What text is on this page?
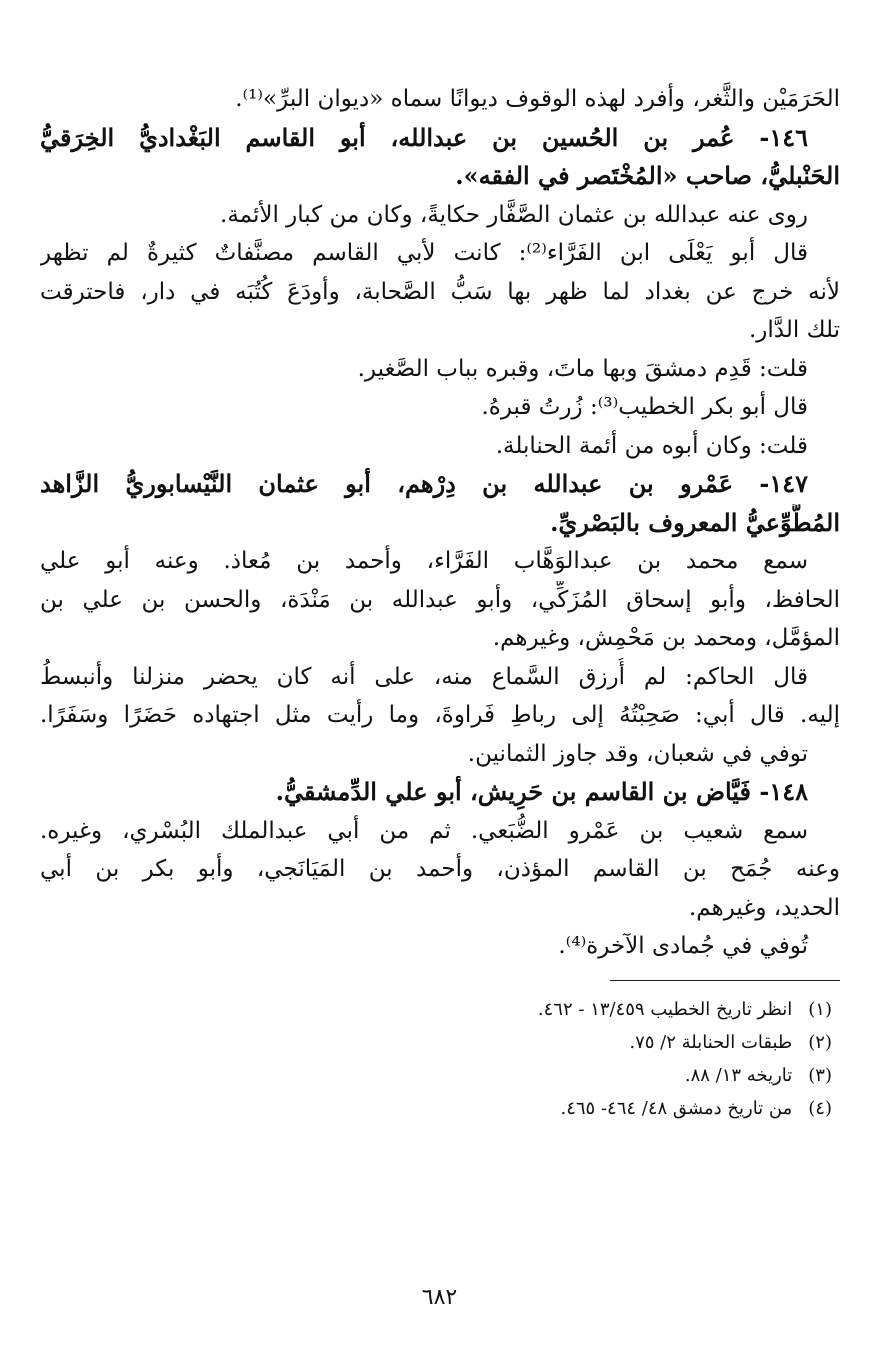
الحَرَمَيْن والثَّغر، وأفرد لهذه الوقوف ديوانًا سماه «ديوان البرِّ»⁽¹⁾.
١٤٦- عُمر بن الحُسين بن عبدالله، أبو القاسم البَغْداديُّ الخِرَقيُّ
الحَنْبليُّ، صاحب «المُخْتَصر في الفقه».
روى عنه عبدالله بن عثمان الصَّفَّار حكايةً، وكان من كبار الأئمة.
قال أبو يَعْلَى ابن الفَرَّاء⁽²⁾: كانت لأبي القاسم مصنَّفاتٌ كثيرةٌ لم تظهر
لأنه خرج عن بغداد لما ظهر بها سَبُّ الصَّحابة، وأودَعَ كُتُبَه في دار، فاحترقت
تلك الدَّار.
قلت: قَدِم دمشقَ وبها ماتَ، وقبره بباب الصَّغير.
قال أبو بكر الخطيب⁽³⁾: زُرتُ قبرهُ.
قلت: وكان أبوه من أئمة الحنابلة.
١٤٧- عَمْرو بن عبدالله بن دِرْهم، أبو عثمان النَّيْسابوريُّ الزَّاهد
المُطَّوِّعيُّ المعروف بالبَصْريِّ.
سمع محمد بن عبدالوَهَّاب الفَرَّاء، وأحمد بن مُعاذ. وعنه أبو علي
الحافظ، وأبو إسحاق المُزَكِّي، وأبو عبدالله بن مَنْدَة، والحسن بن علي بن
المؤمَّل، ومحمد بن مَحْمِش، وغيرهم.
قال الحاكم: لم أُرزق السَّماع منه، على أنه كان يحضر منزلنا وأنبسطُ
إليه. قال أبي: صَحِبْتُهُ إلى رباطِ فَراوةَ، وما رأيت مثل اجتهاده حَضَرًا وسَفَرًا.
توفي في شعبان، وقد جاوز الثمانين.
١٤٨- فَيَّاض بن القاسم بن حَرِيش، أبو علي الدِّمشقيُّ.
سمع شعيب بن عَمْرو الضُّبَعي. ثم من أبي عبدالملك البُسْري، وغيره.
وعنه جُمَح بن القاسم المؤذن، وأحمد بن المَيَانَجي، وأبو بكر بن أبي
الحديد، وغيرهم.
تُوفي في جُمادى الآخرة⁽⁴⁾.
(١) انظر تاريخ الخطيب ١٣/٤٥٩ - ٤٦٢.
(٢) طبقات الحنابلة ٢/ ٧٥.
(٣) تاريخه ١٣/ ٨٨.
(٤) من تاريخ دمشق ٤٨/ ٤٦٤- ٤٦٥.
٦٨٢
